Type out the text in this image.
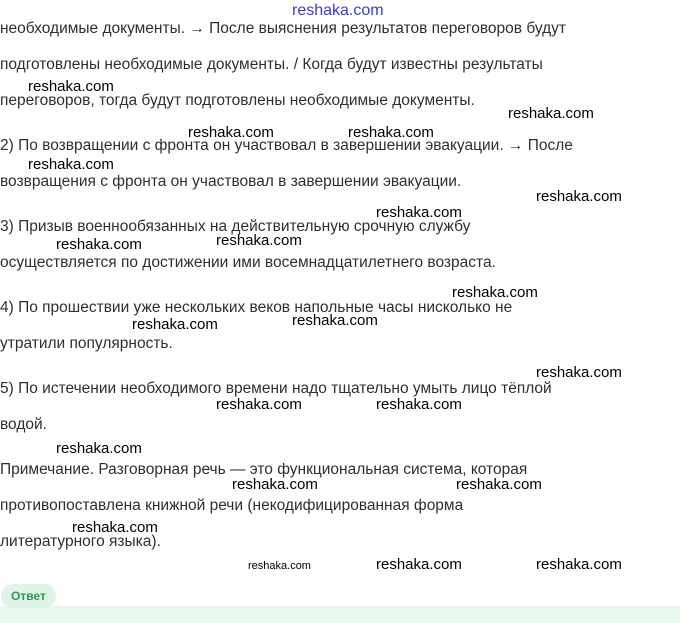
необходимые документы. → После выяснения результатов переговоров будут
подготовлены необходимые документы. / Когда будут известны результаты
переговоров, тогда будут подготовлены необходимые документы.
2) По возвращении с фронта он участвовал в завершении эвакуации. → После
возвращения с фронта он участвовал в завершении эвакуации.
3) Призыв военнообязанных на действительную срочную службу
осуществляется по достижении ими восемнадцатилетнего возраста.
4) По прошествии уже нескольких веков напольные часы нисколько не
утратили популярность.
5) По истечении необходимого времени надо тщательно умыть лицо тёплой
водой.
Примечание. Разговорная речь — это функциональная система, которая
противопоставлена книжной речи (некодифицированная форма
литературного языка).
reshaka.com
reshaka.com
reshaka.com
reshaka.com	reshaka.com
reshaka.com
reshaka.com
reshaka.com
reshaka.com
reshaka.com
reshaka.com
reshaka.com
reshaka.com
reshaka.com
reshaka.com	reshaka.com
reshaka.com
reshaka.com	reshaka.com
reshaka.com
reshaka.com	reshaka.com	reshaka.com
Ответ
